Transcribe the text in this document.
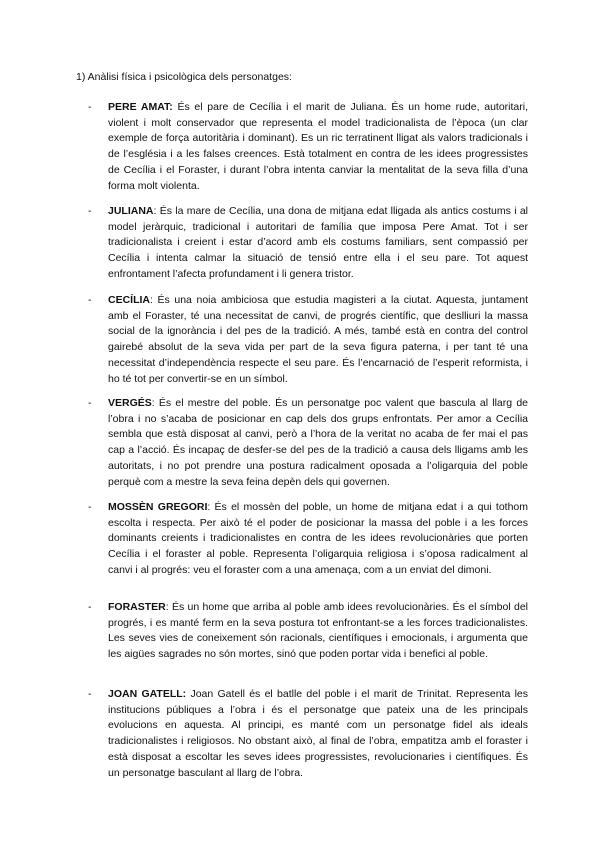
1) Anàlisi física i psicològica dels personatges:

- PERE AMAT: És el pare de Cecília i el marit de Juliana. És un home rude, autoritari, violent i molt conservador que representa el model tradicionalista de l’època (un clar exemple de força autoritària i dominant). Es un ric terratinent lligat als valors tradicionals i de l’església i a les falses creences. Està totalment en contra de les idees progressistes de Cecília i el Foraster, i durant l’obra intenta canviar la mentalitat de la seva filla d’una forma molt violenta.
- JULIANA: És la mare de Cecília, una dona de mitjana edat lligada als antics costums i al model jeràrquic, tradicional i autoritari de família que imposa Pere Amat. Tot i ser tradicionalista i creient i estar d’acord amb els costums familiars, sent compassió per Cecília i intenta calmar la situació de tensió entre ella i el seu pare. Tot aquest enfrontament l’afecta profundament i li genera tristor.
- CECÍLIA: És una noia ambiciosa que estudia magisteri a la ciutat. Aquesta, juntament amb el Foraster, té una necessitat de canvi, de progrés científic, que deslliuri la massa social de la ignorància i del pes de la tradició. A més, també està en contra del control gairebé absolut de la seva vida per part de la seva figura paterna, i per tant té una necessitat d’independència respecte el seu pare. És l’encarnació de l’esperit reformista, i ho té tot per convertir-se en un símbol.
- VERGÉS: És el mestre del poble. És un personatge poc valent que bascula al llarg de l’obra i no s’acaba de posicionar en cap dels dos grups enfrontats. Per amor a Cecília sembla que està disposat al canvi, però a l’hora de la veritat no acaba de fer mai el pas cap a l’acció. És incapaç de desfer-se del pes de la tradició a causa dels lligams amb les autoritats, i no pot prendre una postura radicalment oposada a l’oligarquia del poble perquè com a mestre la seva feina depèn dels qui governen.
- MOSSÈN GREGORI: És el mossèn del poble, un home de mitjana edat i a qui tothom escolta i respecta. Per això té el poder de posicionar la massa del poble i a les forces dominants creients i tradicionalistes en contra de les idees revolucionàries que porten Cecília i el foraster al poble. Representa l’oligarquia religiosa i s’oposa radicalment al canvi i al progrés: veu el foraster com a una amenaça, com a un enviat del dimoni.
- FORASTER: És un home que arriba al poble amb idees revolucionàries. És el símbol del progrés, i es manté ferm en la seva postura tot enfrontant-se a les forces tradicionalistes. Les seves vies de coneixement són racionals, científiques i emocionals, i argumenta que les aigües sagrades no són mortes, sinó que poden portar vida i benefici al poble.
- JOAN GATELL: Joan Gatell és el batlle del poble i el marit de Trinitat. Representa les institucions públiques a l’obra i és el personatge que pateix una de les principals evolucions en aquesta. Al principi, es manté com un personatge fidel als ideals tradicionalistes i religiosos. No obstant això, al final de l’obra, empatitza amb el foraster i està disposat a escoltar les seves idees progressistes, revolucionaries i científiques. És un personatge basculant al llarg de l’obra.
